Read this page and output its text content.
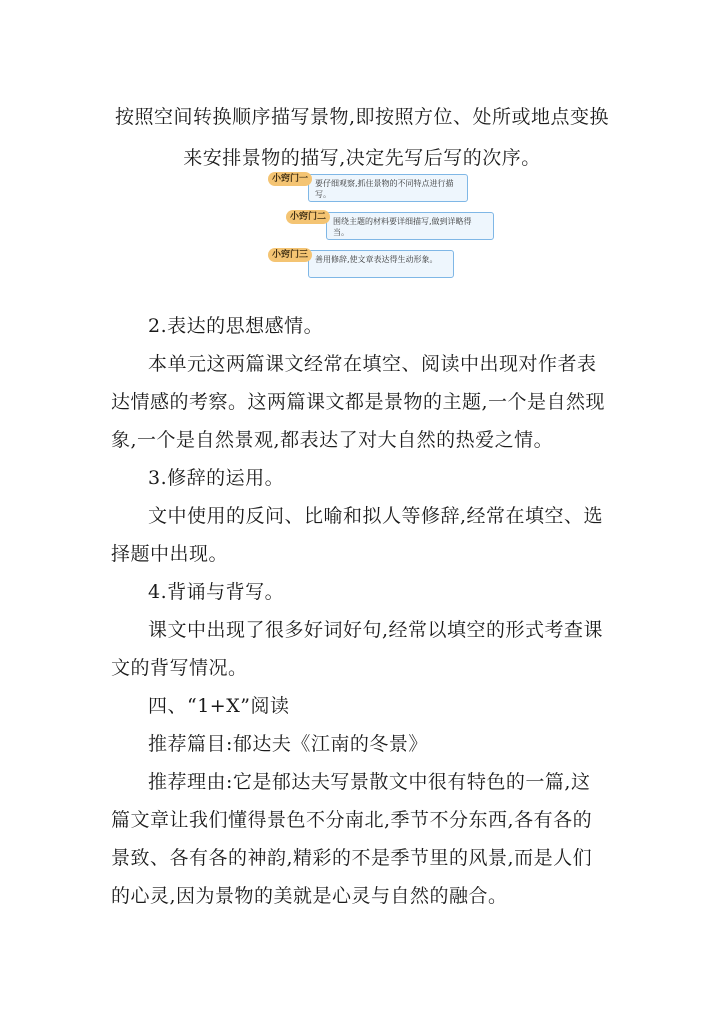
按照空间转换顺序描写景物,即按照方位、处所或地点变换
来安排景物的描写,决定先写后写的次序。
要仔细观察,抓住景物的不同特点进行描写。
小窍门一
围绕主题的材料要详细描写,做到详略得当。
小窍门二
善用修辞,使文章表达得生动形象。
小窍门三
2.表达的思想感情。
本单元这两篇课文经常在填空、阅读中出现对作者表
达情感的考察。这两篇课文都是景物的主题,一个是自然现
象,一个是自然景观,都表达了对大自然的热爱之情。
3.修辞的运用。
文中使用的反问、比喻和拟人等修辞,经常在填空、选
择题中出现。
4.背诵与背写。
课文中出现了很多好词好句,经常以填空的形式考查课
文的背写情况。
四、“1+X”阅读
推荐篇目:郁达夫《江南的冬景》
推荐理由:它是郁达夫写景散文中很有特色的一篇,这
篇文章让我们懂得景色不分南北,季节不分东西,各有各的
景致、各有各的神韵,精彩的不是季节里的风景,而是人们
的心灵,因为景物的美就是心灵与自然的融合。
